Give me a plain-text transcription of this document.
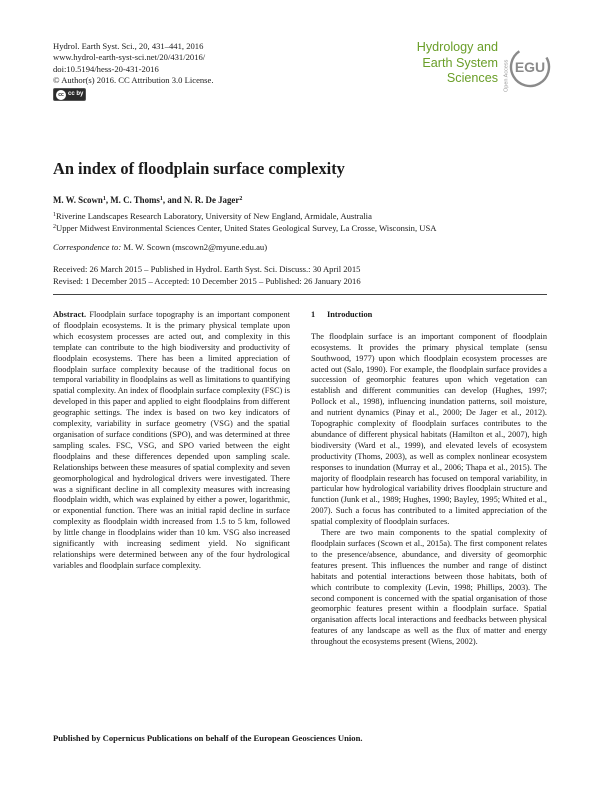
Hydrol. Earth Syst. Sci., 20, 431–441, 2016
www.hydrol-earth-syst-sci.net/20/431/2016/
doi:10.5194/hess-20-431-2016
© Author(s) 2016. CC Attribution 3.0 License.
cc cc by
Hydrology and
Earth System
Sciences Open Access EGU
An index of floodplain surface complexity
M. W. Scown$^1$, M. C. Thoms$^1$, and N. R. De Jager$^2$
$^1$Riverine Landscapes Research Laboratory, University of New England, Armidale, Australia
$^2$Upper Midwest Environmental Sciences Center, United States Geological Survey, La Crosse, Wisconsin, USA
Correspondence to: M. W. Scown (mscown2@myune.edu.au)
Received: 26 March 2015 – Published in Hydrol. Earth Syst. Sci. Discuss.: 30 April 2015
Revised: 1 December 2015 – Accepted: 10 December 2015 – Published: 26 January 2016
Abstract. Floodplain surface topography is an important component of floodplain ecosystems. It is the primary physical template upon which ecosystem processes are acted out, and complexity in this template can contribute to the high biodiversity and productivity of floodplain ecosystems. There has been a limited appreciation of floodplain surface complexity because of the traditional focus on temporal variability in floodplains as well as limitations to quantifying spatial complexity. An index of floodplain surface complexity (FSC) is developed in this paper and applied to eight floodplains from different geographic settings. The index is based on two key indicators of complexity, variability in surface geometry (VSG) and the spatial organisation of surface conditions (SPO), and was determined at three sampling scales. FSC, VSG, and SPO varied between the eight floodplains and these differences depended upon sampling scale. Relationships between these measures of spatial complexity and seven geomorphological and hydrological drivers were investigated. There was a significant decline in all complexity measures with increasing floodplain width, which was explained by either a power, logarithmic, or exponential function. There was an initial rapid decline in surface complexity as floodplain width increased from 1.5 to 5 km, followed by little change in floodplains wider than 10 km. VSG also increased significantly with increasing sediment yield. No significant relationships were determined between any of the four hydrological variables and floodplain surface complexity.
1 Introduction

The floodplain surface is an important component of floodplain ecosystems. It provides the primary physical template (sensu Southwood, 1977) upon which floodplain ecosystem processes are acted out (Salo, 1990). For example, the floodplain surface provides a succession of geomorphic features upon which vegetation can establish and different communities can develop (Hughes, 1997; Pollock et al., 1998), influencing inundation patterns, soil moisture, and nutrient dynamics (Pinay et al., 2000; De Jager et al., 2012). Topographic complexity of floodplain surfaces contributes to the abundance of different physical habitats (Hamilton et al., 2007), high biodiversity (Ward et al., 1999), and elevated levels of ecosystem productivity (Thoms, 2003), as well as complex nonlinear ecosystem responses to inundation (Murray et al., 2006; Thapa et al., 2015). The majority of floodplain research has focused on temporal variability, in particular how hydrological variability drives floodplain structure and function (Junk et al., 1989; Hughes, 1990; Bayley, 1995; Whited et al., 2007). Such a focus has contributed to a limited appreciation of the spatial complexity of floodplain surfaces.

There are two main components to the spatial complexity of floodplain surfaces (Scown et al., 2015a). The first component relates to the presence/absence, abundance, and diversity of geomorphic features present. This influences the number and range of distinct habitats and potential interactions between those habitats, both of which contribute to complexity (Levin, 1998; Phillips, 2003). The second component is concerned with the spatial organisation of those geomorphic features present within a floodplain surface. Spatial organisation affects local interactions and feedbacks between physical features of any landscape as well as the flux of matter and energy throughout the ecosystems present (Wiens, 2002).

Published by Copernicus Publications on behalf of the European Geosciences Union.
